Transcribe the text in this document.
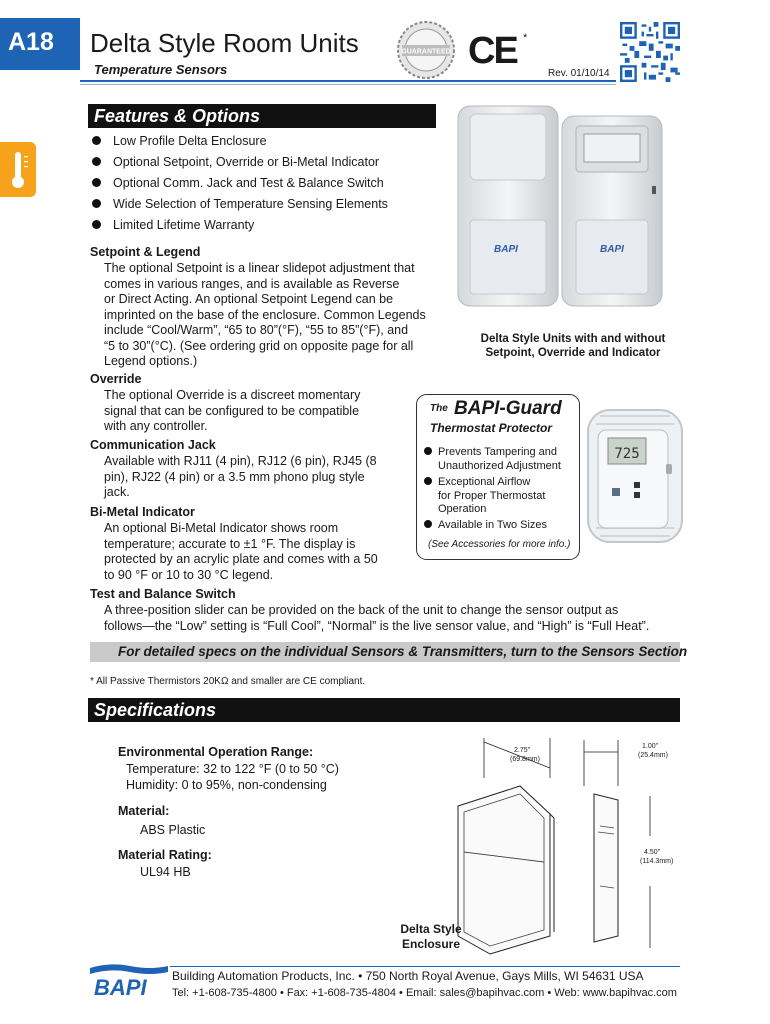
A18 Delta Style Room Units
Temperature Sensors
GUARANTEED CE *
Rev. 01/10/14
Features & Options
Low Profile Delta Enclosure
Optional Setpoint, Override or Bi-Metal Indicator
Optional Comm. Jack and Test & Balance Switch
Wide Selection of Temperature Sensing Elements
Limited Lifetime Warranty
Setpoint & Legend
The optional Setpoint is a linear slidepot adjustment that
comes in various ranges, and is available as Reverse
or Direct Acting. An optional Setpoint Legend can be
imprinted on the base of the enclosure. Common Legends
include “Cool/Warm”, “65 to 80”(°F), “55 to 85”(°F), and
“5 to 30”(°C). (See ordering grid on opposite page for all
Legend options.)
Override
The optional Override is a discreet momentary
signal that can be configured to be compatible
with any controller.
Communication Jack
Available with RJ11 (4 pin), RJ12 (6 pin), RJ45 (8
pin), RJ22 (4 pin) or a 3.5 mm phono plug style
jack.
Bi-Metal Indicator
An optional Bi-Metal Indicator shows room
temperature; accurate to ±1 °F. The display is
protected by an acrylic plate and comes with a 50
to 90 °F or 10 to 30 °C legend.
Test and Balance Switch
A three-position slider can be provided on the back of the unit to change the sensor output as
follows—the “Low” setting is “Full Cool”, “Normal” is the live sensor value, and “High” is “Full Heat”.
BAPI	BAPI
Delta Style Units with and without
Setpoint, Override and Indicator
The BAPI-Guard
Thermostat Protector
Prevents Tampering and
Unauthorized Adjustment
Exceptional Airflow
for Proper Thermostat
Operation
Available in Two Sizes
(See Accessories for more info.)
725
For detailed specs on the individual Sensors & Transmitters, turn to the Sensors Section
* All Passive Thermistors 20KΩ and smaller are CE compliant.
Specifications
Environmental Operation Range:
Temperature: 32 to 122 °F (0 to 50 °C)
Humidity: 0 to 95%, non-condensing
Material:
ABS Plastic
Material Rating:
UL94 HB
2.75"
(69.8mm)
1.00"
(25.4mm)
4.50"
(114.3mm)
Delta Style
Enclosure
BAPI Building Automation Products, Inc. • 750 North Royal Avenue, Gays Mills, WI 54631 USA
Tel: +1-608-735-4800 • Fax: +1-608-735-4804 • Email: sales@bapihvac.com • Web: www.bapihvac.com
